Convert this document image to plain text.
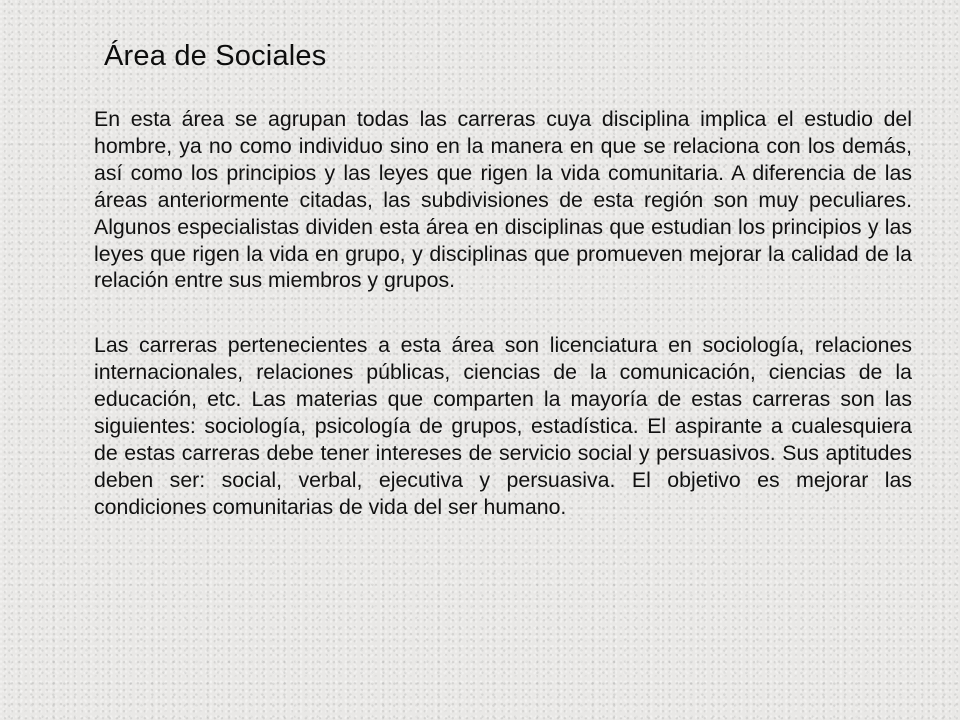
Área de Sociales

En esta área se agrupan todas las carreras cuya disciplina implica el estudio del hombre, ya no como individuo sino en la manera en que se relaciona con los demás, así como los principios y las leyes que rigen la vida comunitaria. A diferencia de las áreas anteriormente citadas, las subdivisiones de esta región son muy peculiares. Algunos especialistas dividen esta área en disciplinas que estudian los principios y las leyes que rigen la vida en grupo, y disciplinas que promueven mejorar la calidad de la relación entre sus miembros y grupos.

Las carreras pertenecientes a esta área son licenciatura en sociología, relaciones internacionales, relaciones públicas, ciencias de la comunicación, ciencias de la educación, etc. Las materias que comparten la mayoría de estas carreras son las siguientes: sociología, psicología de grupos, estadística. El aspirante a cualesquiera de estas carreras debe tener intereses de servicio social y persuasivos. Sus aptitudes deben ser: social, verbal, ejecutiva y persuasiva. El objetivo es mejorar las condiciones comunitarias de vida del ser humano.
